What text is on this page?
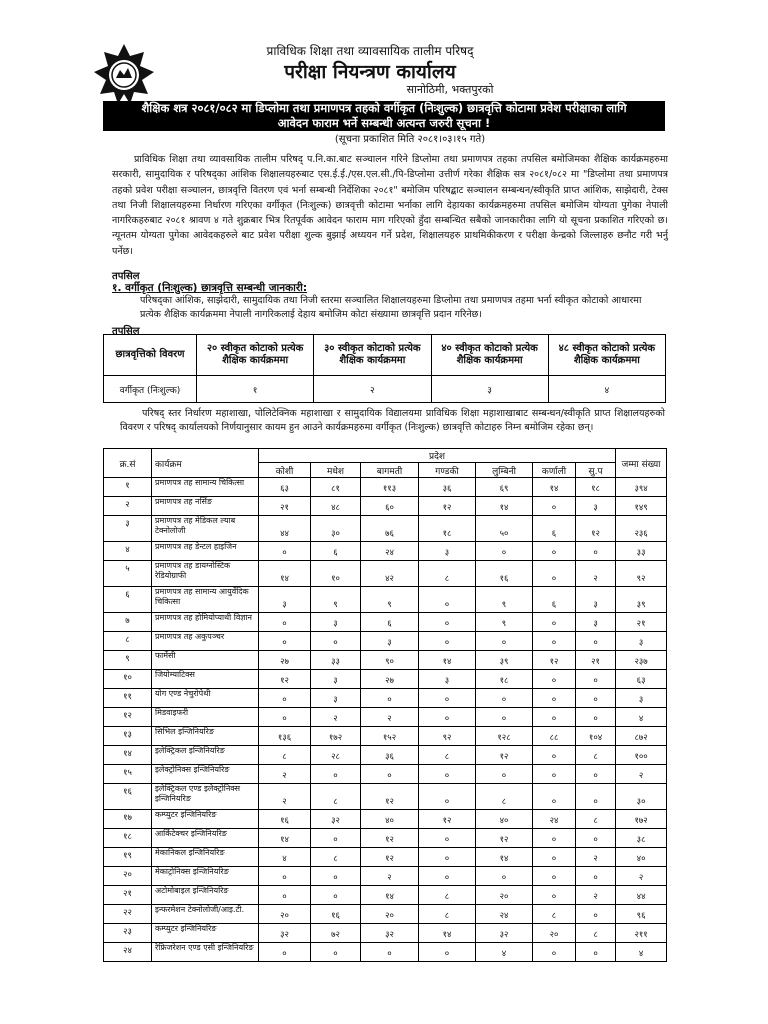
प्राविधिक शिक्षा तथा व्यावसायिक तालीम परिषद्
परीक्षा नियन्त्रण कार्यालय
सानोठिमी, भक्तपुरको
शैक्षिक शत्र २०८१/०८२ मा डिप्लोमा तथा प्रमाणपत्र तहको वर्गीकृत (निःशुल्क) छात्रवृत्ति कोटामा प्रवेश परीक्षाका लागि
आवेदन फाराम भर्ने सम्बन्धी अत्यन्त जरुरी सूचना !
(सूचना प्रकाशित मिति २०८१।०३।१५ गते)
प्राविधिक शिक्षा तथा व्यावसायिक तालीम परिषद् प.नि.का.बाट सञ्चालन गरिने डिप्लोमा तथा प्रमाणपत्र तहका तपसिल बमोजिमका शैक्षिक कार्यक्रमहरुमा सरकारी, सामुदायिक र परिषद्का आंशिक शिक्षालयहरुबाट एस.ई.ई./एस.एल.सी./पि-डिप्लोमा उत्तीर्ण गरेका शैक्षिक सत्र २०८१/०८२ मा "डिप्लोमा तथा प्रमाणपत्र तहको प्रवेश परीक्षा सञ्चालन, छात्रवृत्ति वितरण एवं भर्ना सम्बन्धी निर्देशिका २०८१" बमोजिम परिषद्बाट सञ्चालन सम्बन्धन/स्वीकृति प्राप्त आंशिक, साझेदारी, टेक्स तथा निजी शिक्षालयहरुमा निर्धारण गरिएका वर्गीकृत (निःशुल्क) छात्रवृत्ती कोटामा भर्नाका लागि देहायका कार्यक्रमहरुमा तपसिल बमोजिम योग्यता पुगेका नेपाली नागरिकहरुबाट २०८१ श्रावण ४ गते शुक्रबार भित्र रितपूर्वक आवेदन फाराम माग गरिएको हुँदा सम्बन्धित सबैको जानकारीका लागि यो सूचना प्रकाशित गरिएको छ। न्यूनतम योग्यता पुगेका आवेदकहरुले बाट प्रवेश परीक्षा शुल्क बुझाई अध्ययन गर्ने प्रदेश, शिक्षालयहरु प्राथमिकीकरण र परीक्षा केन्द्रको जिल्लाहरु छनौट गरी भर्नु पर्नेछ।
तपसिल
१. वर्गीकृत (निःशुल्क) छात्रवृत्ति सम्बन्धी जानकारी:
परिषद्का आंशिक, साझेदारी, सामुदायिक तथा निजी स्तरमा सञ्चालित शिक्षालयहरुमा डिप्लोमा तथा प्रमाणपत्र तहमा भर्ना स्वीकृत कोटाको आधारमा प्रत्येक शैक्षिक कार्यक्रममा नेपाली नागरिकलाई देहाय बमोजिम कोटा संख्यामा छात्रवृत्ति प्रदान गरिनेछ।
तपसिल
छात्रवृत्तिको विवरण	२० स्वीकृत कोटाको प्रत्येक शैक्षिक कार्यक्रममा	३० स्वीकृत कोटाको प्रत्येक शैक्षिक कार्यक्रममा	४० स्वीकृत कोटाको प्रत्येक शैक्षिक कार्यक्रममा	४८ स्वीकृत कोटाको प्रत्येक शैक्षिक कार्यक्रममा
वर्गीकृत (निःशुल्क)	१	२	३	४
परिषद् स्तर निर्धारण महाशाखा, पोलिटेक्निक महाशाखा र सामुदायिक विद्यालयमा प्राविधिक शिक्षा महाशाखाबाट सम्बन्धन/स्वीकृति प्राप्त शिक्षालयहरुको विवरण र परिषद् कार्यालयको निर्णयानुसार कायम हुन आउने कार्यक्रमहरुमा वर्गीकृत (निःशुल्क) छात्रवृत्ति कोटाहरु निम्न बमोजिम रहेका छन्।
क्र.सं	कार्यक्रम	प्रदेश							जम्मा संख्या
		कोशी	मधेश	बागमती	गण्डकी	लुम्बिनी	कर्णाली	सु.प	
१	प्रमाणपत्र तह सामान्य चिकित्सा	६३	८१	११३	३६	६९	१४	१८	३९४
२	प्रमाणपत्र तह नर्सिङ	२१	४८	६०	१२	१४	०	३	१४९
३	प्रमाणपत्र तह मेडिकल ल्याब टेक्नोलोजी	४४	३०	७६	१८	५०	६	१२	२३६
४	प्रमाणपत्र तह डेन्टल हाइजिन	०	६	२४	३	०	०	०	३३
५	प्रमाणपत्र तह डायग्नोस्टिक रेडियोग्राफी	१४	१०	४२	८	१६	०	२	९२
६	प्रमाणपत्र तह सामान्य आयुर्वेदिक चिकित्सा	३	९	९	०	९	६	३	३९
७	प्रमाणपत्र तह होमियोप्याथी विज्ञान	०	३	६	०	९	०	३	२१
८	प्रमाणपत्र तह अकुपञ्चर	०	०	३	०	०	०	०	३
९	फार्मेसी	२७	३३	९०	१४	३९	१२	२१	२३७
१०	जियोम्याटिक्स	१२	३	२७	३	१८	०	०	६३
११	योग एण्ड नेचुरोपेथी	०	३	०	०	०	०	०	३
१२	मिडवाइफरी	०	२	२	०	०	०	०	४
१३	सिभिल इन्जिनियरिङ	१३६	१७२	१५२	९२	१२८	८८	१०४	८७२
१४	इलेक्ट्रिकल इन्जिनियरिङ	८	२८	३६	८	१२	०	८	१००
१५	इलेक्ट्रोनिक्स इन्जिनियरिङ	२	०	०	०	०	०	०	२
१६	इलेक्ट्रिकल एण्ड इलेक्ट्रोनिक्स इन्जिनियरिङ	२	८	१२	०	८	०	०	३०
१७	कम्प्युटर इन्जिनियरिङ	१६	३२	४०	१२	४०	२४	८	१७२
१८	आर्किटेक्चर इन्जिनियरिङ	१४	०	१२	०	१२	०	०	३८
१९	मेकानिकल इन्जिनियरिङ	४	८	१२	०	१४	०	२	४०
२०	मेकाट्रोनिक्स इन्जिनियरिङ	०	०	२	०	०	०	०	२
२१	अटोमोबाइल इन्जिनियरिङ	०	०	१४	८	२०	०	२	४४
२२	इन्फरमेशन टेक्नोलोजी/आइ.टी.	२०	१६	२०	८	२४	८	०	९६
२३	कम्प्युटर इन्जिनियरिङ	३२	७२	३२	१४	३२	२०	८	२११
२४	रेफ्रिजरेशन एण्ड एसी इन्जिनियरिङ	०	०	०	०	४	०	०	४
